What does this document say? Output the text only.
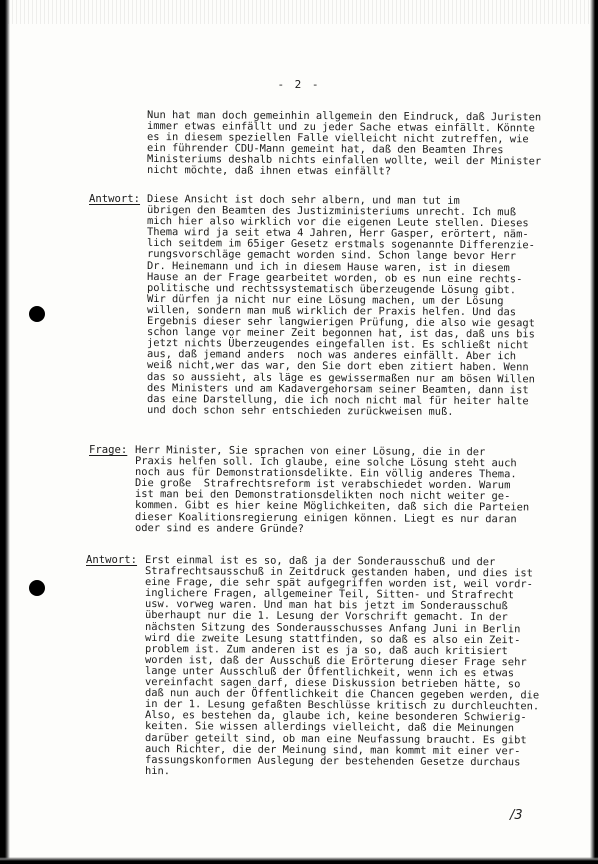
- 2 -
Nun hat man doch gemeinhin allgemein den Eindruck, daß Juristen
immer etwas einfällt und zu jeder Sache etwas einfällt. Könnte
es in diesem speziellen Falle vielleicht nicht zutreffen, wie
ein führender CDU-Mann gemeint hat, daß den Beamten Ihres
Ministeriums deshalb nichts einfallen wollte, weil der Minister
nicht möchte, daß ihnen etwas einfällt?
Antwort: Diese Ansicht ist doch sehr albern, und man tut im
übrigen den Beamten des Justizministeriums unrecht. Ich muß
mich hier also wirklich vor die eigenen Leute stellen. Dieses
Thema wird ja seit etwa 4 Jahren, Herr Gasper, erörtert, näm-
lich seitdem im 65iger Gesetz erstmals sogenannte Differenzie-
rungsvorschläge gemacht worden sind. Schon lange bevor Herr
Dr. Heinemann und ich in diesem Hause waren, ist in diesem
Hause an der Frage gearbeitet worden, ob es nun eine rechts-
politische und rechtssystematisch überzeugende Lösung gibt.
Wir dürfen ja nicht nur eine Lösung machen, um der Lösung
willen, sondern man muß wirklich der Praxis helfen. Und das
Ergebnis dieser sehr langwierigen Prüfung, die also wie gesagt
schon lange vor meiner Zeit begonnen hat, ist das, daß uns bis
jetzt nichts Überzeugendes eingefallen ist. Es schließt nicht
aus, daß jemand anders  noch was anderes einfällt. Aber ich
weiß nicht,wer das war, den Sie dort eben zitiert haben. Wenn
das so aussieht, als läge es gewissermaßen nur am bösen Willen
des Ministers und am Kadavergehorsam seiner Beamten, dann ist
das eine Darstellung, die ich noch nicht mal für heiter halte
und doch schon sehr entschieden zurückweisen muß.
Frage: Herr Minister, Sie sprachen von einer Lösung, die in der
Praxis helfen soll. Ich glaube, eine solche Lösung steht auch
noch aus für Demonstrationsdelikte. Ein völlig anderes Thema.
Die große  Strafrechtsreform ist verabschiedet worden. Warum
ist man bei den Demonstrationsdelikten noch nicht weiter ge-
kommen. Gibt es hier keine Möglichkeiten, daß sich die Parteien
dieser Koalitionsregierung einigen können. Liegt es nur daran
oder sind es andere Gründe?
Antwort: Erst einmal ist es so, daß ja der Sonderausschuß und der
Strafrechtsausschuß in Zeitdruck gestanden haben, und dies ist
eine Frage, die sehr spät aufgegriffen worden ist, weil vordr-
inglichere Fragen, allgemeiner Teil, Sitten- und Strafrecht
usw. vorweg waren. Und man hat bis jetzt im Sonderausschuß
überhaupt nur die 1. Lesung der Vorschrift gemacht. In der
nächsten Sitzung des Sonderausschusses Anfang Juni in Berlin
wird die zweite Lesung stattfinden, so daß es also ein Zeit-
problem ist. Zum anderen ist es ja so, daß auch kritisiert
worden ist, daß der Ausschuß die Erörterung dieser Frage sehr
lange unter Ausschluß der Öffentlichkeit, wenn ich es etwas
vereinfacht sagen darf, diese Diskussion betrieben hätte, so
daß nun auch der Öffentlichkeit die Chancen gegeben werden, die
in der 1. Lesung gefaßten Beschlüsse kritisch zu durchleuchten.
Also, es bestehen da, glaube ich, keine besonderen Schwierig-
keiten. Sie wissen allerdings vielleicht, daß die Meinungen
darüber geteilt sind, ob man eine Neufassung braucht. Es gibt
auch Richter, die der Meinung sind, man kommt mit einer ver-
fassungskonformen Auslegung der bestehenden Gesetze durchaus
hin.
/3
